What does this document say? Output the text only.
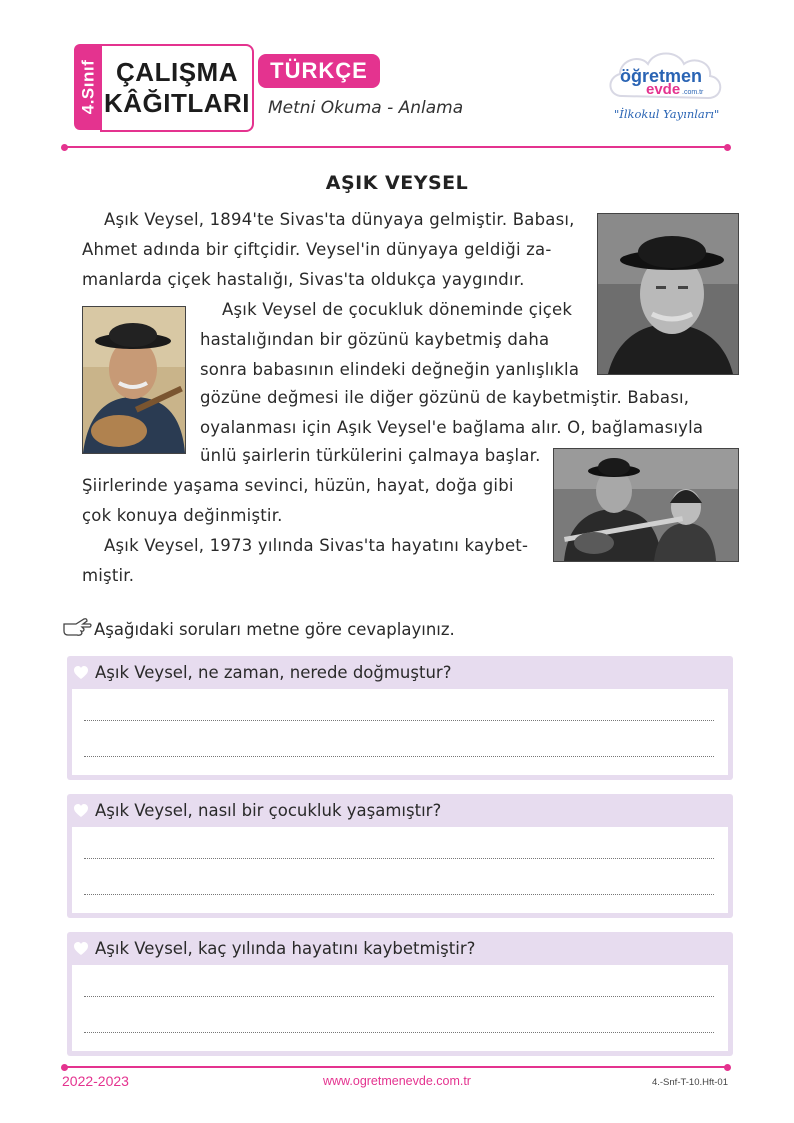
4.Sınıf ÇALIŞMA
KÂĞITLARI
TÜRKÇE
Metni Okuma - Anlama
öğretmen
evde .com.tr
"İlkokul Yayınları"
AŞIK VEYSEL
Aşık Veysel, 1894'te Sivas'ta dünyaya gelmiştir. Babası,
Ahmet adında bir çiftçidir. Veysel'in dünyaya geldiği za-
manlarda çiçek hastalığı, Sivas'ta oldukça yaygındır.
Aşık Veysel de çocukluk döneminde çiçek
hastalığından bir gözünü kaybetmiş daha
sonra babasının elindeki değneğin yanlışlıkla
gözüne değmesi ile diğer gözünü de kaybetmiştir. Babası,
oyalanması için Aşık Veysel'e bağlama alır. O, bağlamasıyla
ünlü şairlerin türkülerini çalmaya başlar.
Şiirlerinde yaşama sevinci, hüzün, hayat, doğa gibi
çok konuya değinmiştir.
Aşık Veysel, 1973 yılında Sivas'ta hayatını kaybet-
miştir.
Aşağıdaki soruları metne göre cevaplayınız.
Aşık Veysel, ne zaman, nerede doğmuştur?
Aşık Veysel, nasıl bir çocukluk yaşamıştır?
Aşık Veysel, kaç yılında hayatını kaybetmiştir?
2022-2023	www.ogretmenevde.com.tr	4.-Snf-T-10.Hft-01
